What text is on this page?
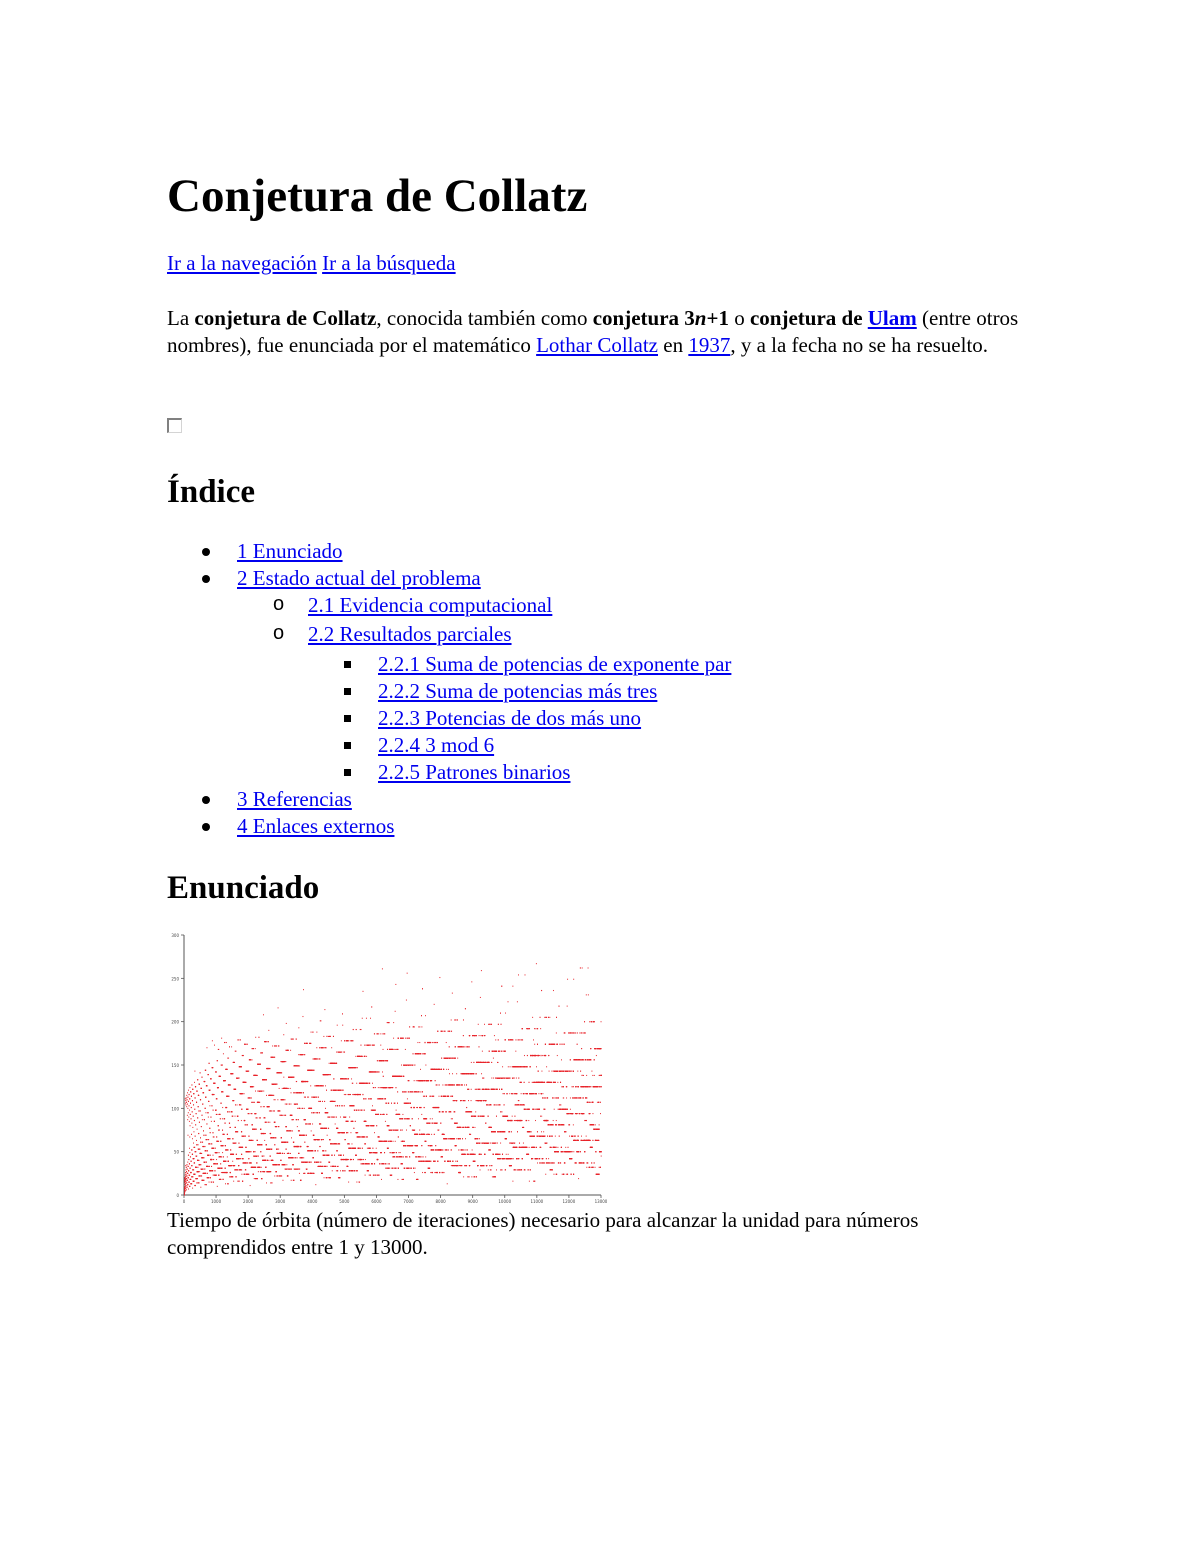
Conjetura de Collatz
Ir a la navegación Ir a la búsqueda

La conjetura de Collatz, conocida también como conjetura 3n+1 o conjetura de Ulam (entre otros nombres), fue enunciada por el matemático Lothar Collatz en 1937, y a la fecha no se ha resuelto.

Índice
1 Enunciado
2 Estado actual del problema
o 2.1 Evidencia computacional
o 2.2 Resultados parciales
2.2.1 Suma de potencias de exponente par
2.2.2 Suma de potencias más tres
2.2.3 Potencias de dos más uno
2.2.4 3 mod 6
2.2.5 Patrones binarios
3 Referencias
4 Enlaces externos
Enunciado
0
50
100
150
200
250
300
0	1000	2000	3000	4000	5000	6000	7000	8000	9000	10000	11000	12000	13000

Tiempo de órbita (número de iteraciones) necesario para alcanzar la unidad para números comprendidos entre 1 y 13000.
